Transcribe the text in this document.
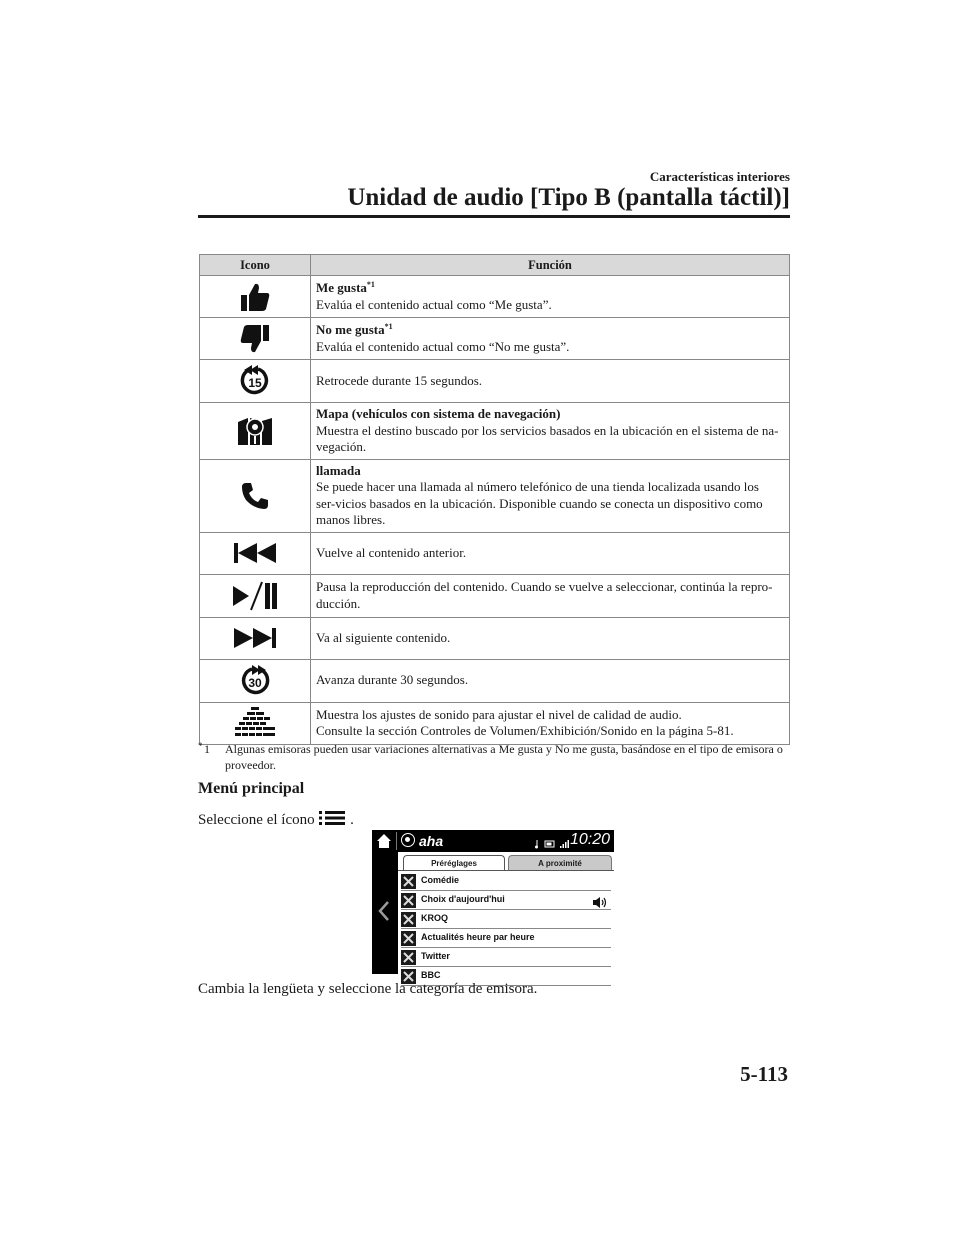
Características interiores
Unidad de audio [Tipo B (pantalla táctil)]
Icono	Función

Me gusta$^{*1}$
Evalúa el contenido actual como “Me gusta”.

No me gusta$^{*1}$
Evalúa el contenido actual como “No me gusta”.

15	Retrocede durante 15 segundos.

Mapa (vehículos con sistema de navegación)
Muestra el destino buscado por los servicios basados en la ubicación en el sistema de na-vegación.

llamada
Se puede hacer una llamada al número telefónico de una tienda localizada usando los ser-vicios basados en la ubicación. Disponible cuando se conecta un dispositivo como manos libres.
	Vuelve al contenido anterior.
	Pausa la reproducción del contenido. Cuando se vuelve a seleccionar, continúa la repro-ducción.
	Va al siguiente contenido.

30	Avanza durante 30 segundos.

Muestra los ajustes de sonido para ajustar el nivel de calidad de audio.
Consulte la sección Controles de Volumen/Exhibición/Sonido en la página 5-81.
* 1	Algunas emisoras pueden usar variaciones alternativas a Me gusta y No me gusta, basándose en el tipo de emisora o proveedor.
Menú principal
Seleccione el ícono .
aha	10:20
Préréglages	A proximité
Comédie
Choix d'aujourd'hui
KROQ
Actualités heure par heure
Twitter
BBC
Cambia la lengüeta y seleccione la categoría de emisora.
5-113
